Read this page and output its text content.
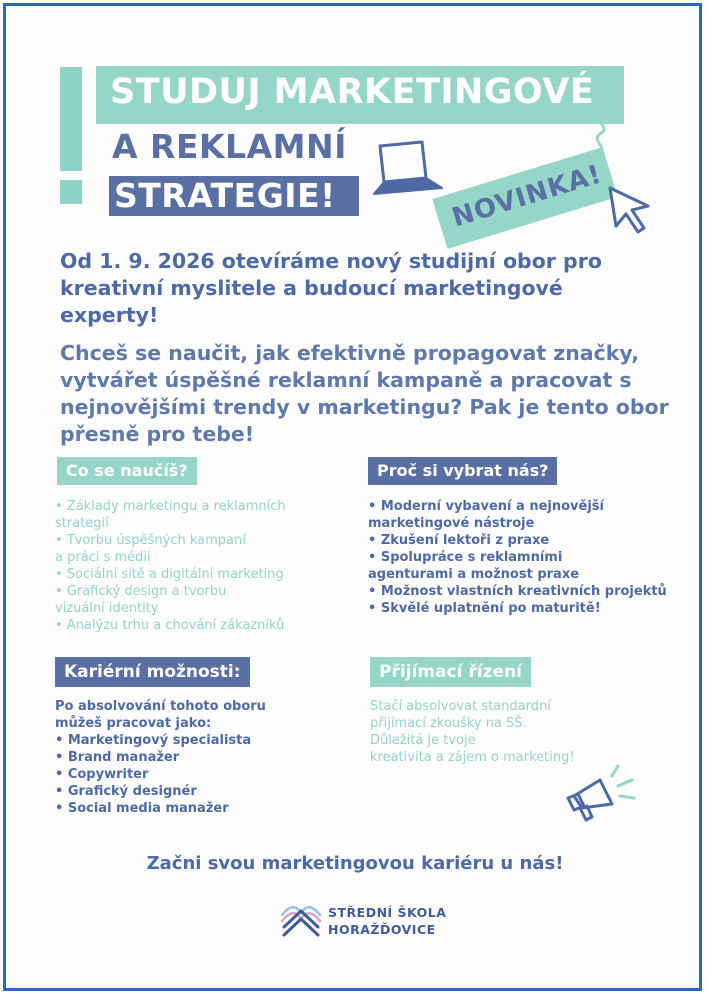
STUDUJ MARKETINGOVÉ
A REKLAMNÍ
STRATEGIE!	NOVINKA!
Od 1. 9. 2026 otevíráme nový studijní obor pro kreativní myslitele a budoucí marketingové experty!
Chceš se naučit, jak efektivně propagovat značky, vytvářet úspěšné reklamní kampaně a pracovat s nejnovějšími trendy v marketingu? Pak je tento obor přesně pro tebe!
Co se naučíš?
• Základy marketingu a reklamních
strategií
• Tvorbu úspěšných kampaní
a práci s médii
• Sociální sítě a digitální marketing
• Grafický design a tvorbu
vizuální identity
• Analýzu trhu a chování zákazníků
Proč si vybrat nás?
• Moderní vybavení a nejnovější
marketingové nástroje
• Zkušení lektoři z praxe
• Spolupráce s reklamními
agenturami a možnost praxe
• Možnost vlastních kreativních projektů
• Skvělé uplatnění po maturitě!
Kariérní možnosti:
Po absolvování tohoto oboru
můžeš pracovat jako:
• Marketingový specialista
• Brand manažer
• Copywriter
• Grafický designér
• Social media manažer
Přijímací řízení
Stačí absolvovat standardní
přijímací zkoušky na SŠ.
Důležitá je tvoje
kreativita a zájem o marketing!
Začni svou marketingovou kariéru u nás!
STŘEDNÍ ŠKOLA
HORAŽĎOVICE
